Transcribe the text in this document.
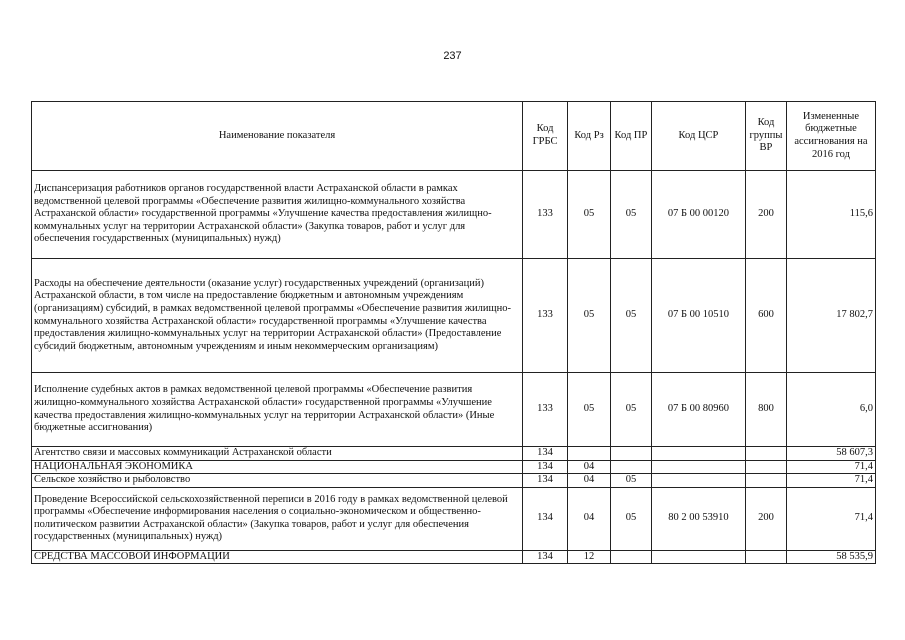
237
Наименование показателя	Код ГРБС	Код Рз	Код ПР	Код ЦСР	Код группы ВР	Измененные бюджетные ассигнования на 2016 год
Диспансеризация работников органов государственной власти Астраханской области в рамках ведомственной целевой программы «Обеспечение развития жилищно-коммунального хозяйства Астраханской области» государственной программы «Улучшение качества предоставления жилищно-коммунальных услуг на территории Астраханской области» (Закупка товаров, работ и услуг для обеспечения государственных (муниципальных) нужд)	133	05	05	07 Б 00 00120	200	115,6
Расходы на обеспечение деятельности (оказание услуг) государственных учреждений (организаций) Астраханской области, в том числе на предоставление бюджетным и автономным учреждениям (организациям) субсидий, в рамках ведомственной целевой программы «Обеспечение развития жилищно-коммунального хозяйства Астраханской области» государственной программы «Улучшение качества предоставления жилищно-коммунальных услуг на территории Астраханской области» (Предоставление субсидий бюджетным, автономным учреждениям и иным некоммерческим организациям)	133	05	05	07 Б 00 10510	600	17 802,7
Исполнение судебных актов в рамках ведомственной целевой программы «Обеспечение развития жилищно-коммунального хозяйства Астраханской области» государственной программы «Улучшение качества предоставления жилищно-коммунальных услуг на территории Астраханской области» (Иные бюджетные ассигнования)	133	05	05	07 Б 00 80960	800	6,0
Агентство связи и массовых коммуникаций Астраханской области	134					58 607,3
НАЦИОНАЛЬНАЯ ЭКОНОМИКА	134	04				71,4
Сельское хозяйство и рыболовство	134	04	05			71,4
Проведение Всероссийской сельскохозяйственной переписи в 2016 году в рамках ведомственной целевой программы «Обеспечение информирования населения о социально-экономическом и общественно-политическом развитии Астраханской области» (Закупка товаров, работ и услуг для обеспечения государственных (муниципальных) нужд)	134	04	05	80 2 00 53910	200	71,4
СРЕДСТВА МАССОВОЙ ИНФОРМАЦИИ	134	12				58 535,9
